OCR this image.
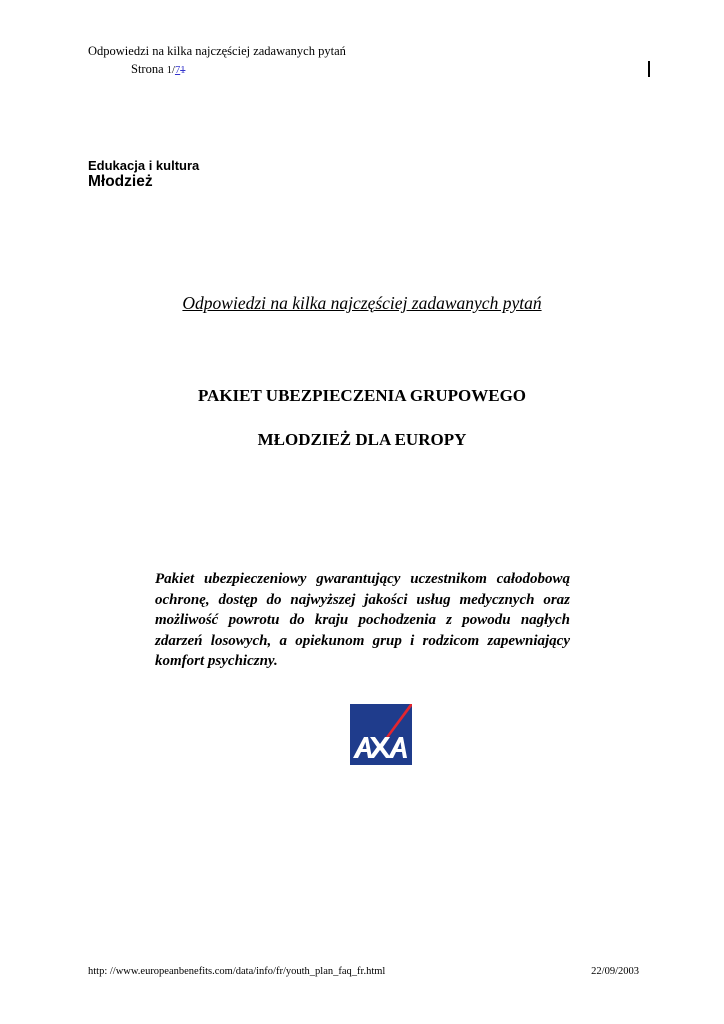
Odpowiedzi na kilka najczęściej zadawanych pytań
Strona 1/71
Edukacja i kultura
Młodzież
Odpowiedzi na kilka najczęściej zadawanych pytań
PAKIET UBEZPIECZENIA GRUPOWEGO
MŁODZIEŻ DLA EUROPY
Pakiet ubezpieczeniowy gwarantujący uczestnikom całodobową ochronę, dostęp do najwyższej jakości usług medycznych oraz możliwość powrotu do kraju pochodzenia z powodu nagłych zdarzeń losowych, a opiekunom grup i rodzicom zapewniający komfort psychiczny.
http: //www.europeanbenefits.com/data/info/fr/youth_plan_faq_fr.html	22/09/2003
